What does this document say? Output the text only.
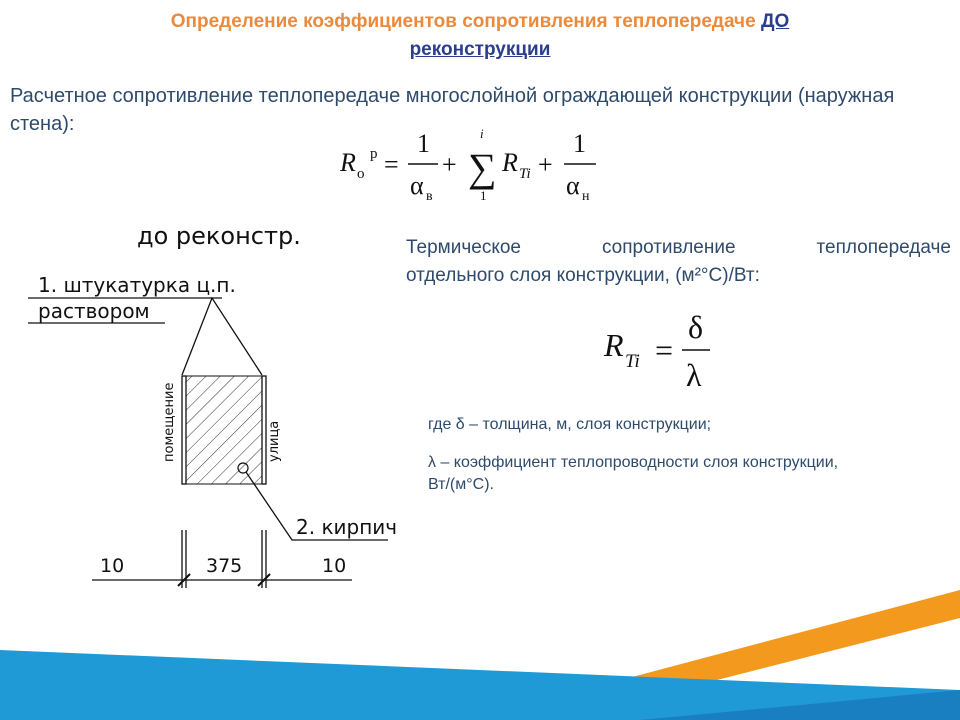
Определение коэффициентов сопротивления теплопередаче ДО
реконструкции
Расчетное сопротивление теплопередаче многослойной ограждающей конструкции (наружная стена):
R о
р =
1
α в
+
i
∑
1
R Ti +
1
α н
до реконстр.
1. штукатурка ц.п.
раствором
помещение	улица
2. кирпич
10	375	10
Термическое сопротивление теплопередаче
отдельного слоя конструкции, (м²°С)/Вт:
R Ti =
δ
λ
где δ – толщина, м, слоя конструкции;
λ – коэффициент теплопроводности слоя конструкции, Вт/(м°С).
